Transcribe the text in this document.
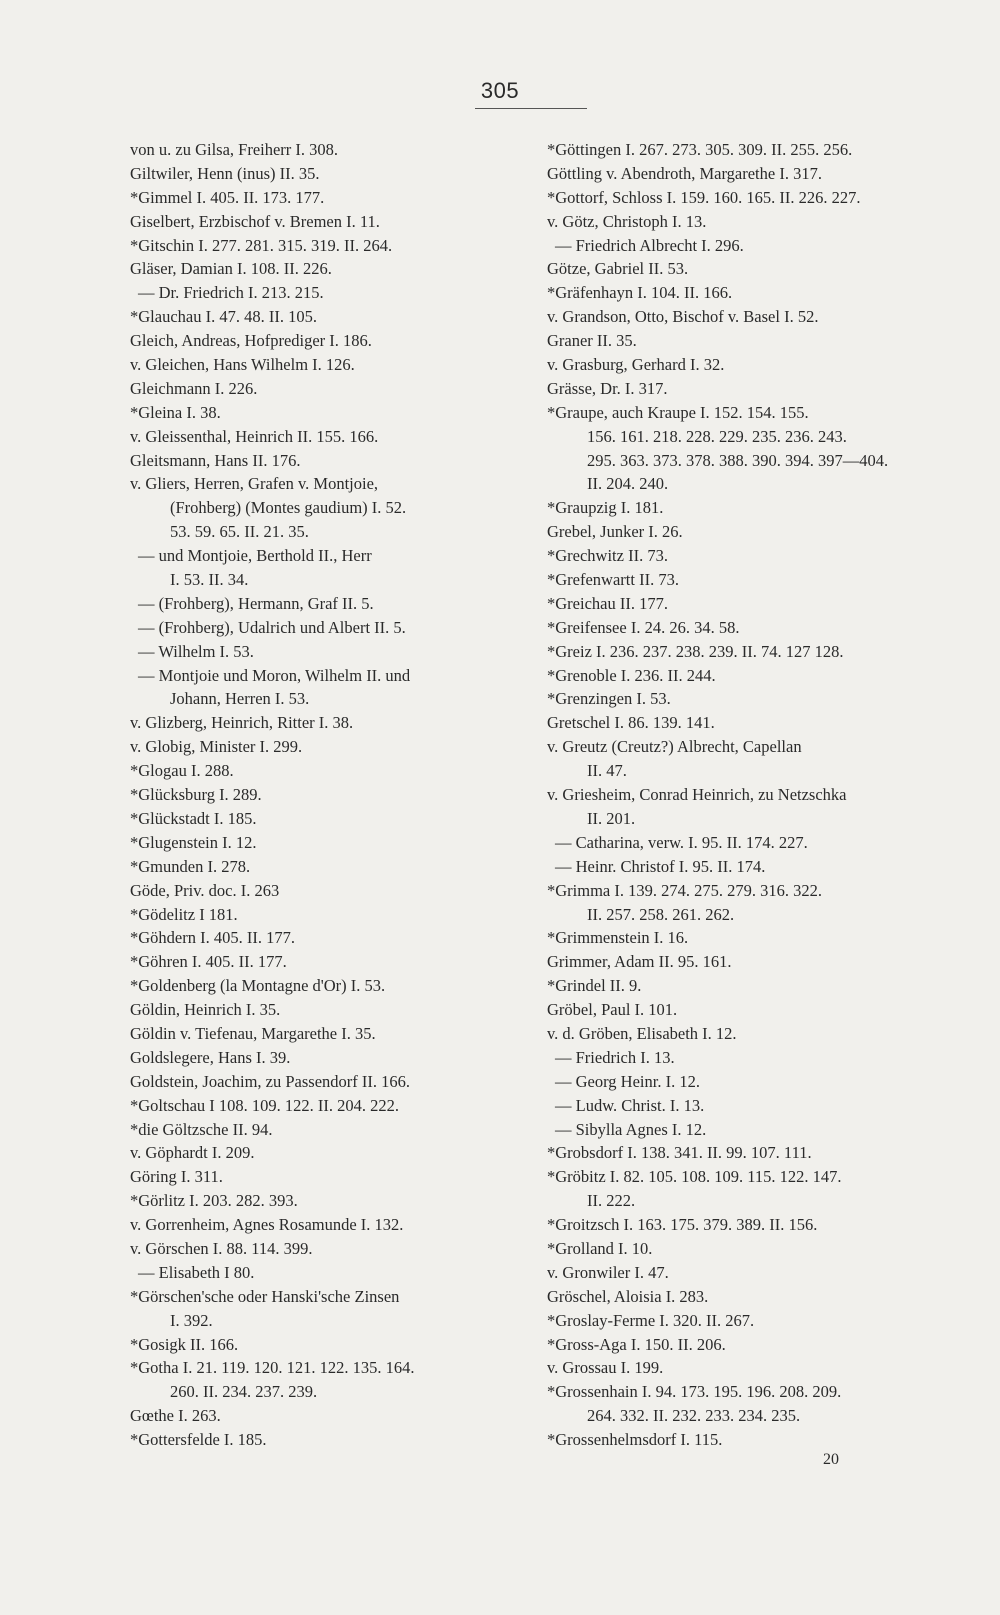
305
von u. zu Gilsa, Freiherr I. 308.
Giltwiler, Henn (inus) II. 35.
*Gimmel I. 405. II. 173. 177.
Giselbert, Erzbischof v. Bremen I. 11.
*Gitschin I. 277. 281. 315. 319. II. 264.
Gläser, Damian I. 108. II. 226.
— Dr. Friedrich I. 213. 215.
*Glauchau I. 47. 48. II. 105.
Gleich, Andreas, Hofprediger I. 186.
v. Gleichen, Hans Wilhelm I. 126.
Gleichmann I. 226.
*Gleina I. 38.
v. Gleissenthal, Heinrich II. 155. 166.
Gleitsmann, Hans II. 176.
v. Gliers, Herren, Grafen v. Montjoie,
(Frohberg) (Montes gaudium) I. 52.
53. 59. 65. II. 21. 35.
— und Montjoie, Berthold II., Herr
I. 53. II. 34.
— (Frohberg), Hermann, Graf II. 5.
— (Frohberg), Udalrich und Albert II. 5.
— Wilhelm I. 53.
— Montjoie und Moron, Wilhelm II. und
Johann, Herren I. 53.
v. Glizberg, Heinrich, Ritter I. 38.
v. Globig, Minister I. 299.
*Glogau I. 288.
*Glücksburg I. 289.
*Glückstadt I. 185.
*Glugenstein I. 12.
*Gmunden I. 278.
Göde, Priv. doc. I. 263
*Gödelitz I 181.
*Göhdern I. 405. II. 177.
*Göhren I. 405. II. 177.
*Goldenberg (la Montagne d'Or) I. 53.
Göldin, Heinrich I. 35.
Göldin v. Tiefenau, Margarethe I. 35.
Goldslegere, Hans I. 39.
Goldstein, Joachim, zu Passendorf II. 166.
*Goltschau I 108. 109. 122. II. 204. 222.
*die Göltzsche II. 94.
v. Göphardt I. 209.
Göring I. 311.
*Görlitz I. 203. 282. 393.
v. Gorrenheim, Agnes Rosamunde I. 132.
v. Görschen I. 88. 114. 399.
— Elisabeth I 80.
*Görschen'sche oder Hanski'sche Zinsen
I. 392.
*Gosigk II. 166.
*Gotha I. 21. 119. 120. 121. 122. 135. 164.
260. II. 234. 237. 239.
Gœthe I. 263.
*Gottersfelde I. 185.
*Göttingen I. 267. 273. 305. 309. II. 255. 256.
Göttling v. Abendroth, Margarethe I. 317.
*Gottorf, Schloss I. 159. 160. 165. II. 226. 227.
v. Götz, Christoph I. 13.
— Friedrich Albrecht I. 296.
Götze, Gabriel II. 53.
*Gräfenhayn I. 104. II. 166.
v. Grandson, Otto, Bischof v. Basel I. 52.
Graner II. 35.
v. Grasburg, Gerhard I. 32.
Grässe, Dr. I. 317.
*Graupe, auch Kraupe I. 152. 154. 155.
156. 161. 218. 228. 229. 235. 236. 243.
295. 363. 373. 378. 388. 390. 394. 397—404.
II. 204. 240.
*Graupzig I. 181.
Grebel, Junker I. 26.
*Grechwitz II. 73.
*Grefenwartt II. 73.
*Greichau II. 177.
*Greifensee I. 24. 26. 34. 58.
*Greiz I. 236. 237. 238. 239. II. 74. 127 128.
*Grenoble I. 236. II. 244.
*Grenzingen I. 53.
Gretschel I. 86. 139. 141.
v. Greutz (Creutz?) Albrecht, Capellan
II. 47.
v. Griesheim, Conrad Heinrich, zu Netzschka
II. 201.
— Catharina, verw. I. 95. II. 174. 227.
— Heinr. Christof I. 95. II. 174.
*Grimma I. 139. 274. 275. 279. 316. 322.
II. 257. 258. 261. 262.
*Grimmenstein I. 16.
Grimmer, Adam II. 95. 161.
*Grindel II. 9.
Gröbel, Paul I. 101.
v. d. Gröben, Elisabeth I. 12.
— Friedrich I. 13.
— Georg Heinr. I. 12.
— Ludw. Christ. I. 13.
— Sibylla Agnes I. 12.
*Grobsdorf I. 138. 341. II. 99. 107. 111.
*Gröbitz I. 82. 105. 108. 109. 115. 122. 147.
II. 222.
*Groitzsch I. 163. 175. 379. 389. II. 156.
*Grolland I. 10.
v. Gronwiler I. 47.
Gröschel, Aloisia I. 283.
*Groslay-Ferme I. 320. II. 267.
*Gross-Aga I. 150. II. 206.
v. Grossau I. 199.
*Grossenhain I. 94. 173. 195. 196. 208. 209.
264. 332. II. 232. 233. 234. 235.
*Grossenhelmsdorf I. 115.
20
